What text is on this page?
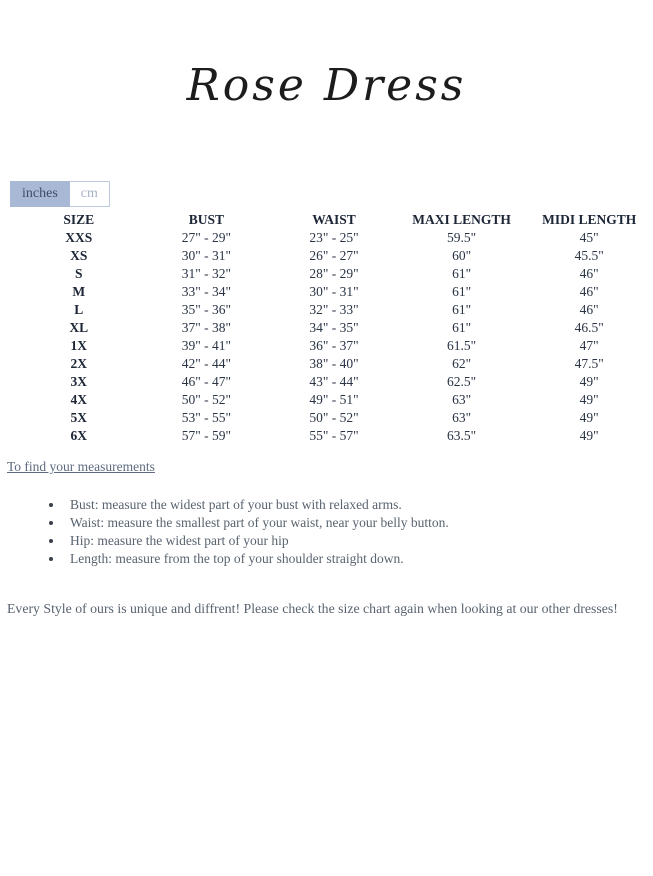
Rose Dress
inches	cm
SIZE	BUST	WAIST	MAXI LENGTH	MIDI LENGTH
XXS	27" - 29"	23" - 25"	59.5"	45"
XS	30" - 31"	26" - 27"	60"	45.5"
S	31" - 32"	28" - 29"	61"	46"
M	33" - 34"	30" - 31"	61"	46"
L	35" - 36"	32" - 33"	61"	46"
XL	37" - 38"	34" - 35"	61"	46.5"
1X	39" - 41"	36" - 37"	61.5"	47"
2X	42" - 44"	38" - 40"	62"	47.5"
3X	46" - 47"	43" - 44"	62.5"	49"
4X	50" - 52"	49" - 51"	63"	49"
5X	53" - 55"	50" - 52"	63"	49"
6X	57" - 59"	55" - 57"	63.5"	49"
To find your measurements
• Bust: measure the widest part of your bust with relaxed arms.
• Waist: measure the smallest part of your waist, near your belly button.
• Hip: measure the widest part of your hip
• Length: measure from the top of your shoulder straight down.

Every Style of ours is unique and diffrent! Please check the size chart again when looking at our other dresses!
